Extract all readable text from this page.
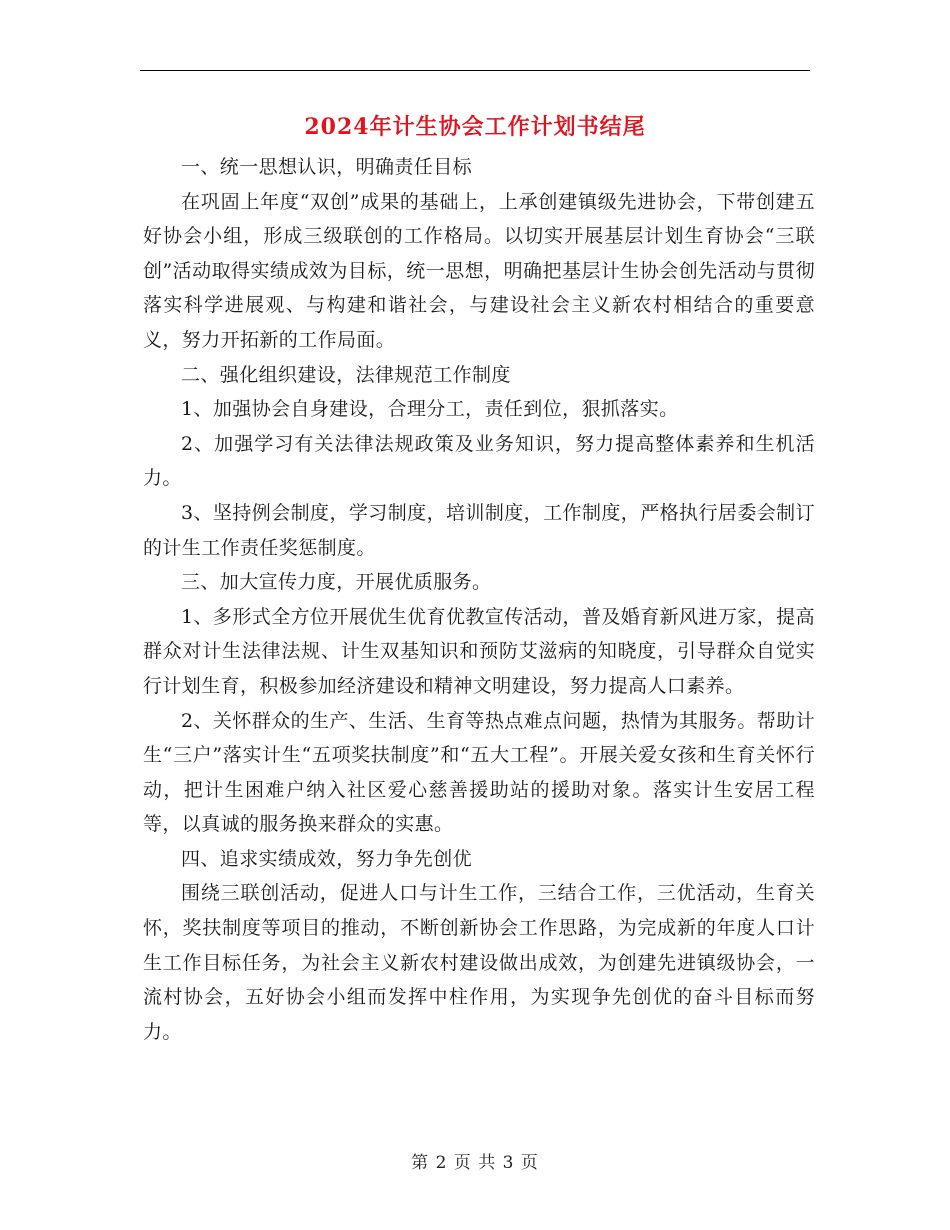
2024年计生协会工作计划书结尾

一、统一思想认识，明确责任目标

在巩固上年度“双创”成果的基础上，上承创建镇级先进协会，下带创建五好协会小组，形成三级联创的工作格局。以切实开展基层计划生育协会“三联创”活动取得实绩成效为目标，统一思想，明确把基层计生协会创先活动与贯彻落实科学进展观、与构建和谐社会，与建设社会主义新农村相结合的重要意义，努力开拓新的工作局面。

二、强化组织建设，法律规范工作制度

1、加强协会自身建设，合理分工，责任到位，狠抓落实。

2、加强学习有关法律法规政策及业务知识，努力提高整体素养和生机活力。

3、坚持例会制度，学习制度，培训制度，工作制度，严格执行居委会制订的计生工作责任奖惩制度。

三、加大宣传力度，开展优质服务。

1、多形式全方位开展优生优育优教宣传活动，普及婚育新风进万家，提高群众对计生法律法规、计生双基知识和预防艾滋病的知晓度，引导群众自觉实行计划生育，积极参加经济建设和精神文明建设，努力提高人口素养。

2、关怀群众的生产、生活、生育等热点难点问题，热情为其服务。帮助计生“三户”落实计生“五项奖扶制度”和“五大工程”。开展关爱女孩和生育关怀行动，把计生困难户纳入社区爱心慈善援助站的援助对象。落实计生安居工程等，以真诚的服务换来群众的实惠。

四、追求实绩成效，努力争先创优

围绕三联创活动，促进人口与计生工作，三结合工作，三优活动，生育关怀，奖扶制度等项目的推动，不断创新协会工作思路，为完成新的年度人口计生工作目标任务，为社会主义新农村建设做出成效，为创建先进镇级协会，一流村协会，五好协会小组而发挥中柱作用，为实现争先创优的奋斗目标而努力。

第 2 页 共 3 页
